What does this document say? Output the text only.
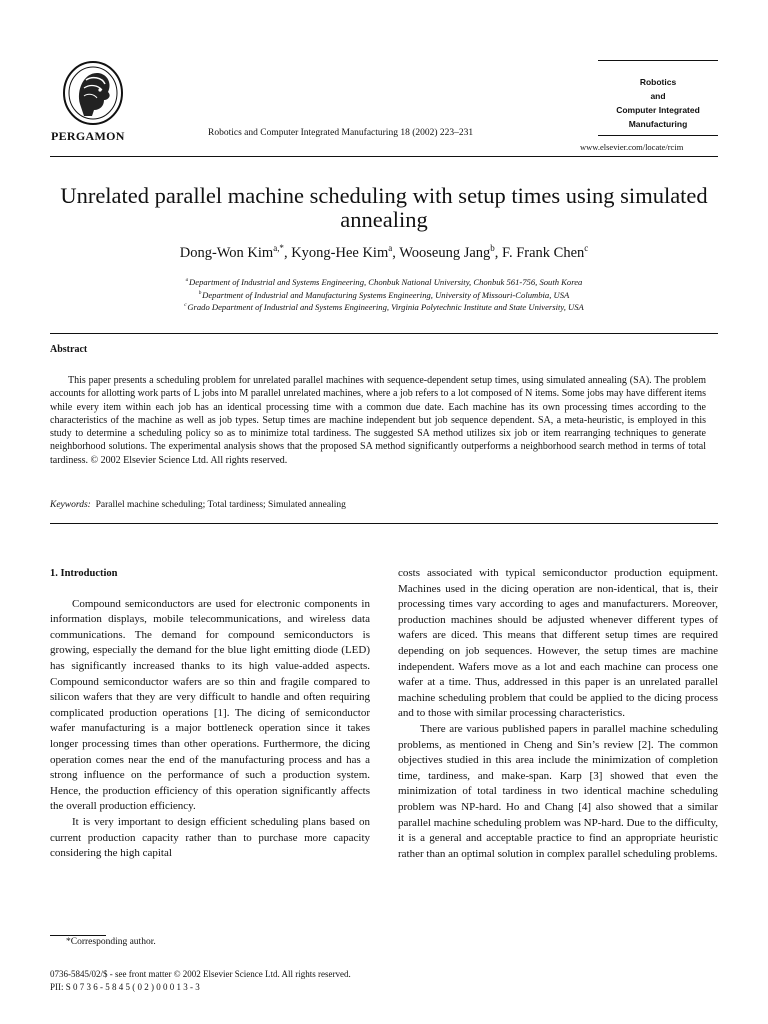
PERGAMON	Robotics and Computer Integrated Manufacturing 18 (2002) 223–231
Robotics
and
Computer Integrated
Manufacturing
www.elsevier.com/locate/rcim
Unrelated parallel machine scheduling with setup times using simulated annealing
Dong-Won Kim$^{a,*}$, Kyong-Hee Kim$^a$, Wooseung Jang$^b$, F. Frank Chen$^c$
$^a$ Department of Industrial and Systems Engineering, Chonbuk National University, Chonbuk 561-756, South Korea
$^b$ Department of Industrial and Manufacturing Systems Engineering, University of Missouri-Columbia, USA
$^c$ Grado Department of Industrial and Systems Engineering, Virginia Polytechnic Institute and State University, USA
Abstract
This paper presents a scheduling problem for unrelated parallel machines with sequence-dependent setup times, using simulated annealing (SA). The problem accounts for allotting work parts of L jobs into M parallel unrelated machines, where a job refers to a lot composed of N items. Some jobs may have different items while every item within each job has an identical processing time with a common due date. Each machine has its own processing times according to the characteristics of the machine as well as job types. Setup times are machine independent but job sequence dependent. SA, a meta-heuristic, is employed in this study to determine a scheduling policy so as to minimize total tardiness. The suggested SA method utilizes six job or item rearranging techniques to generate neighborhood solutions. The experimental analysis shows that the proposed SA method significantly outperforms a neighborhood search method in terms of total tardiness. © 2002 Elsevier Science Ltd. All rights reserved.
Keywords: Parallel machine scheduling; Total tardiness; Simulated annealing
1. Introduction

Compound semiconductors are used for electronic components in information displays, mobile telecommunications, and wireless data communications. The demand for compound semiconductors is growing, especially the demand for the blue light emitting diode (LED) has significantly increased thanks to its high value-added aspects. Compound semiconductor wafers are so thin and fragile compared to silicon wafers that they are very difficult to handle and often requiring complicated production operations [1]. The dicing of semiconductor wafer manufacturing is a major bottleneck operation since it takes longer processing times than other operations. Furthermore, the dicing operation comes near the end of the manufacturing process and has a strong influence on the performance of such a production system. Hence, the production efficiency of this operation significantly affects the overall production efficiency.

It is very important to design efficient scheduling plans based on current production capacity rather than to purchase more capacity considering the high capital

costs associated with typical semiconductor production equipment. Machines used in the dicing operation are non-identical, that is, their processing times vary according to ages and manufacturers. Moreover, production machines should be adjusted whenever different types of wafers are diced. This means that different setup times are required depending on job sequences. However, the setup times are machine independent. Wafers move as a lot and each machine can process one wafer at a time. Thus, addressed in this paper is an unrelated parallel machine scheduling problem that could be applied to the dicing process and to those with similar processing characteristics.

There are various published papers in parallel machine scheduling problems, as mentioned in Cheng and Sin’s review [2]. The common objectives studied in this area include the minimization of completion time, tardiness, and make-span. Karp [3] showed that even the minimization of total tardiness in two identical machine scheduling problem was NP-hard. Ho and Chang [4] also showed that a similar parallel machine scheduling problem was NP-hard. Due to the difficulty, it is a general and acceptable practice to find an appropriate heuristic rather than an optimal solution in complex parallel scheduling problems.

*Corresponding author.
0736-5845/02/$ - see front matter © 2002 Elsevier Science Ltd. All rights reserved.
PII: S 0 7 3 6 - 5 8 4 5 ( 0 2 ) 0 0 0 1 3 - 3
